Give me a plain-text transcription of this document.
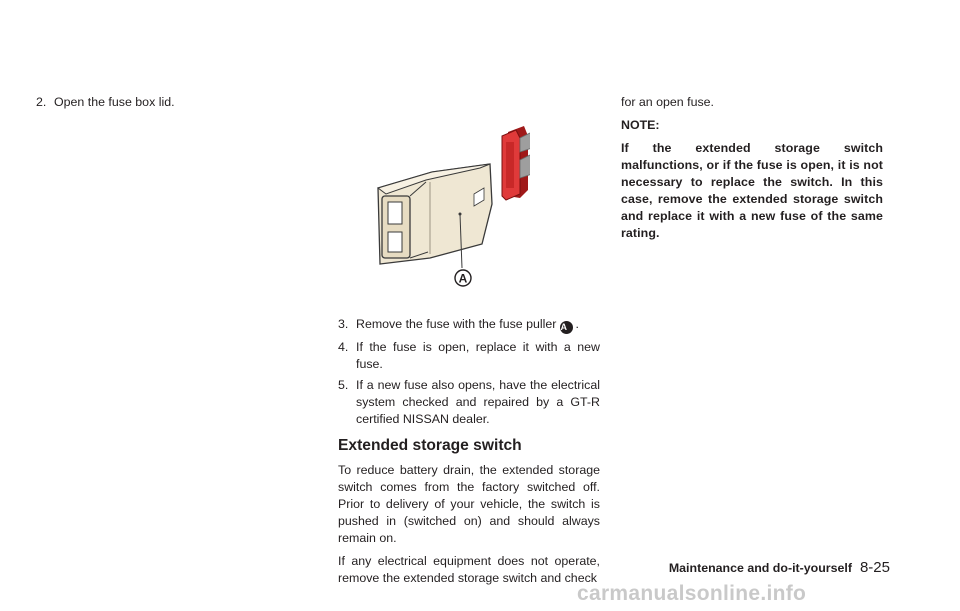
2. Open the fuse box lid.
A
3. Remove the fuse with the fuse puller A .
4. If the fuse is open, replace it with a new fuse.
5. If a new fuse also opens, have the electrical system checked and repaired by a GT-R certified NISSAN dealer.
Extended storage switch

To reduce battery drain, the extended storage switch comes from the factory switched off. Prior to delivery of your vehicle, the switch is pushed in (switched on) and should always remain on.

If any electrical equipment does not operate, remove the extended storage switch and check

for an open fuse.

NOTE:

If the extended storage switch malfunctions, or if the fuse is open, it is not necessary to replace the switch. In this case, remove the extended storage switch and replace it with a new fuse of the same rating.

Maintenance and do-it-yourself 8-25
carmanualsonline.info
